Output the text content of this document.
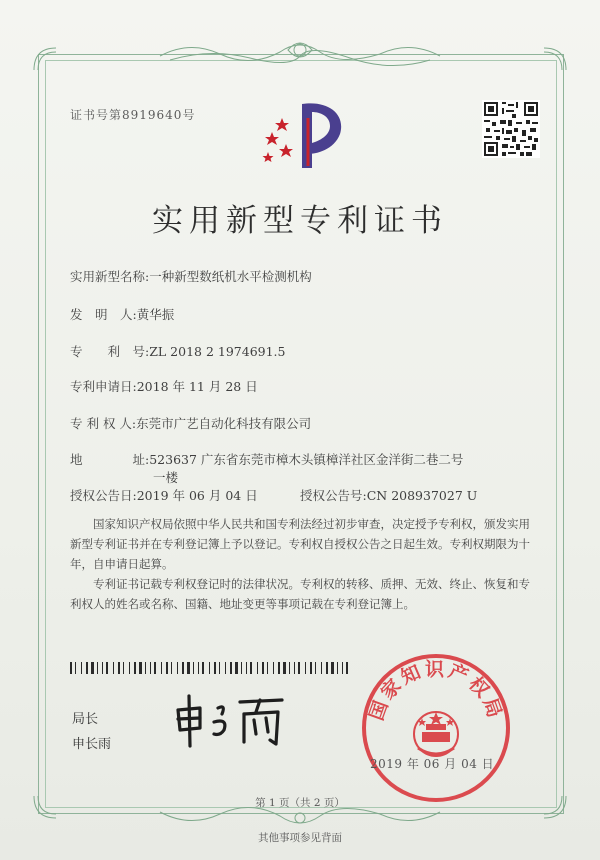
证书号第8919640号
实用新型专利证书
实用新型名称:一种新型数纸机水平检测机构
发　明　人:黄华振
专　　利　号:ZL 2018 2 1974691.5
专利申请日:2018 年 11 月 28 日
专 利 权 人:东莞市广艺自动化科技有限公司
地　　　　址:523637 广东省东莞市樟木头镇樟洋社区金洋街二巷二号
一楼
授权公告日:2019 年 06 月 04 日	授权公告号:CN 208937027 U
国家知识产权局依照中华人民共和国专利法经过初步审查，决定授予专利权，颁发实用新型专利证书并在专利登记簿上予以登记。专利权自授权公告之日起生效。专利权期限为十年，自申请日起算。
专利证书记载专利权登记时的法律状况。专利权的转移、质押、无效、终止、恢复和专利权人的姓名或名称、国籍、地址变更等事项记载在专利登记簿上。
局长
申长雨
国家知识产权局
2019 年 06 月 04 日
第 1 页（共 2 页）
其他事项参见背面
